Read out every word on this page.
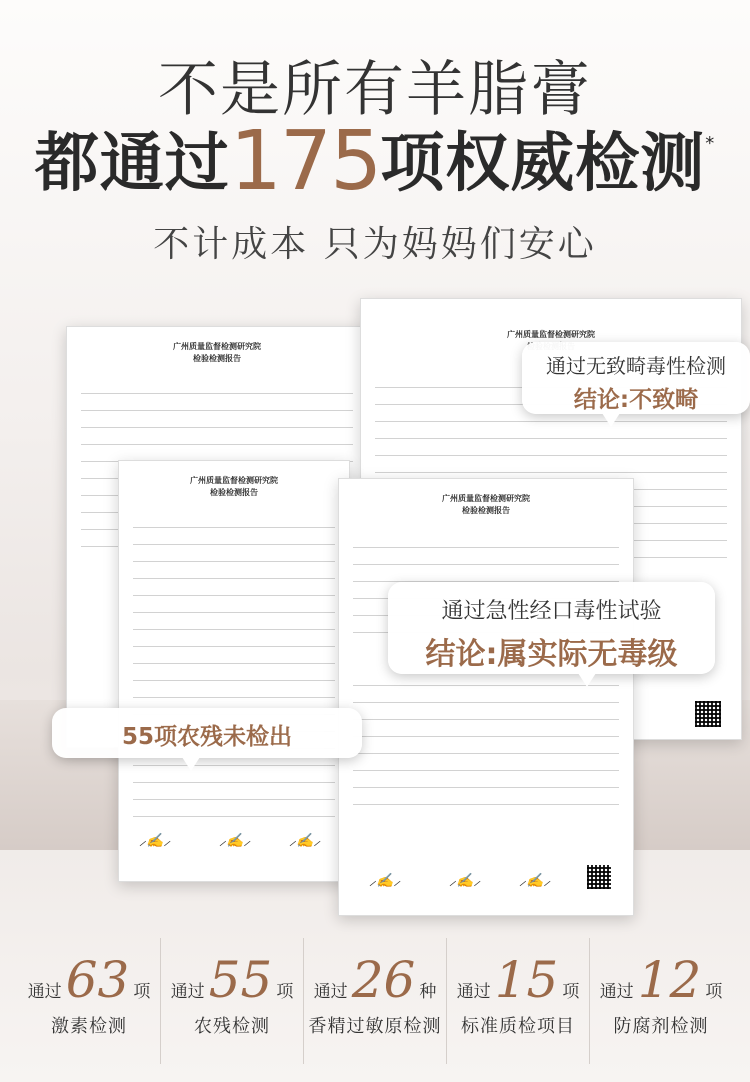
不是所有羊脂膏
都通过175项权威检测*
不计成本 只为妈妈们安心
广州质量监督检测研究院
检验检测报告
广州质量监督检测研究院

广州质量监督检测研究院
检验检测报告
⸝✍⸝	⸝✍⸝	⸝✍⸝
广州质量监督检测研究院
检验检测报告
⸝✍⸝	⸝✍⸝	⸝✍⸝
通过无致畸毒性检测
结论:不致畸
通过急性经口毒性试验
结论:属实际无毒级
55项农残未检出
通过 63 项
激素检测
通过 55 项
农残检测
通过 26 种
香精过敏原检测
通过 15 项
标准质检项目
通过 12 项
防腐剂检测
